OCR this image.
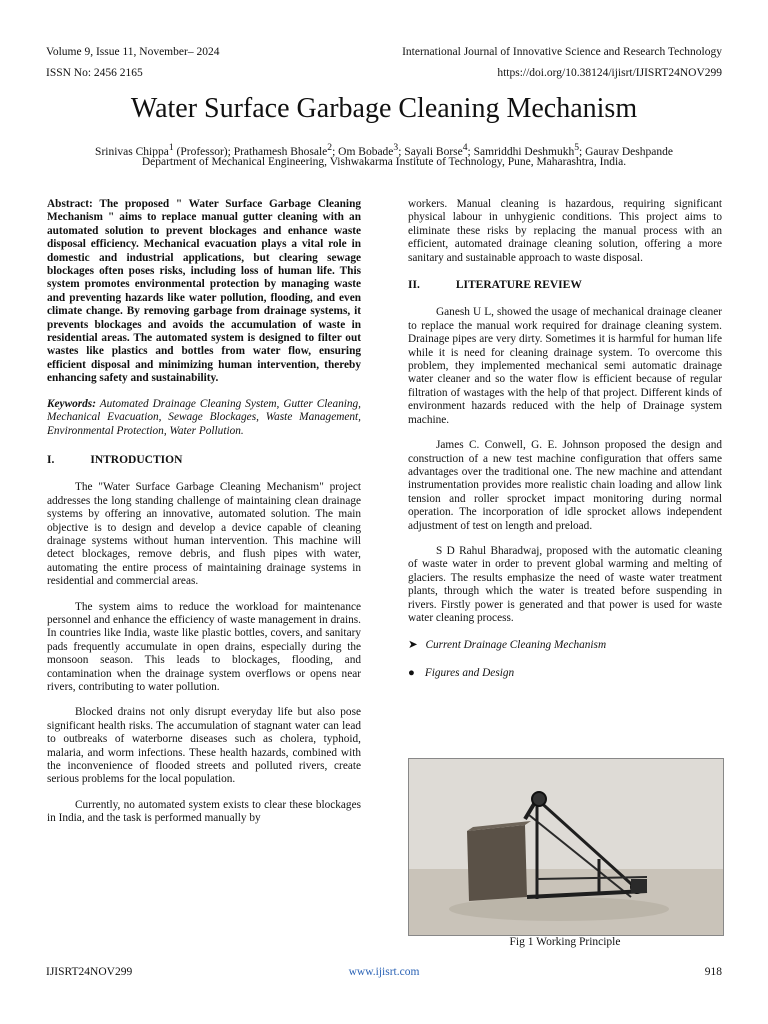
Volume 9, Issue 11, November– 2024	International Journal of Innovative Science and Research Technology
ISSN No: 2456 2165	https://doi.org/10.38124/ijisrt/IJISRT24NOV299
Water Surface Garbage Cleaning Mechanism
Srinivas Chippa$^1$ (Professor); Prathamesh Bhosale$^2$; Om Bobade$^3$; Sayali Borse$^4$; Samriddhi Deshmukh$^5$; Gaurav Deshpande
Department of Mechanical Engineering, Vishwakarma Institute of Technology, Pune, Maharashtra, India.

Abstract: The proposed " Water Surface Garbage Cleaning Mechanism " aims to replace manual gutter cleaning with an automated solution to prevent blockages and enhance waste disposal efficiency. Mechanical evacuation plays a vital role in domestic and industrial applications, but clearing sewage blockages often poses risks, including loss of human life. This system promotes environmental protection by managing waste and preventing hazards like water pollution, flooding, and even climate change. By removing garbage from drainage systems, it prevents blockages and avoids the accumulation of waste in residential areas. The automated system is designed to filter out wastes like plastics and bottles from water flow, ensuring efficient disposal and minimizing human intervention, thereby enhancing safety and sustainability.

Keywords: Automated Drainage Cleaning System, Gutter Cleaning, Mechanical Evacuation, Sewage Blockages, Waste Management, Environmental Protection, Water Pollution.

I.	INTRODUCTION

The "Water Surface Garbage Cleaning Mechanism" project addresses the long standing challenge of maintaining clean drainage systems by offering an innovative, automated solution. The main objective is to design and develop a device capable of cleaning drainage systems without human intervention. This machine will detect blockages, remove debris, and flush pipes with water, automating the entire process of maintaining drainage systems in residential and commercial areas.

The system aims to reduce the workload for maintenance personnel and enhance the efficiency of waste management in drains. In countries like India, waste like plastic bottles, covers, and sanitary pads frequently accumulate in open drains, especially during the monsoon season. This leads to blockages, flooding, and contamination when the drainage system overflows or opens near rivers, contributing to water pollution.

Blocked drains not only disrupt everyday life but also pose significant health risks. The accumulation of stagnant water can lead to outbreaks of waterborne diseases such as cholera, typhoid, malaria, and worm infections. These health hazards, combined with the inconvenience of flooded streets and polluted rivers, create serious problems for the local population.

Currently, no automated system exists to clear these blockages in India, and the task is performed manually by

workers. Manual cleaning is hazardous, requiring significant physical labour in unhygienic conditions. This project aims to eliminate these risks by replacing the manual process with an efficient, automated drainage cleaning solution, offering a more sanitary and sustainable approach to waste disposal.

II.	LITERATURE REVIEW

Ganesh U L, showed the usage of mechanical drainage cleaner to replace the manual work required for drainage cleaning system. Drainage pipes are very dirty. Sometimes it is harmful for human life while it is need for cleaning drainage system. To overcome this problem, they implemented mechanical semi automatic drainage water cleaner and so the water flow is efficient because of regular filtration of wastages with the help of that project. Different kinds of environment hazards reduced with the help of Drainage system machine.

James C. Conwell, G. E. Johnson proposed the design and construction of a new test machine configuration that offers same advantages over the traditional one. The new machine and attendant instrumentation provides more realistic chain loading and allow link tension and roller sprocket impact monitoring during normal operation. The incorporation of idle sprocket allows independent adjustment of test on length and preload.

S D Rahul Bharadwaj, proposed with the automatic cleaning of waste water in order to prevent global warming and melting of glaciers. The results emphasize the need of waste water treatment plants, through which the water is treated before suspending in rivers. Firstly power is generated and that power is used for waste water cleaning process.

➤ Current Drainage Cleaning Mechanism

● Figures and Design

Fig 1 Working Principle
IJISRT24NOV299	www.ijisrt.com	918
